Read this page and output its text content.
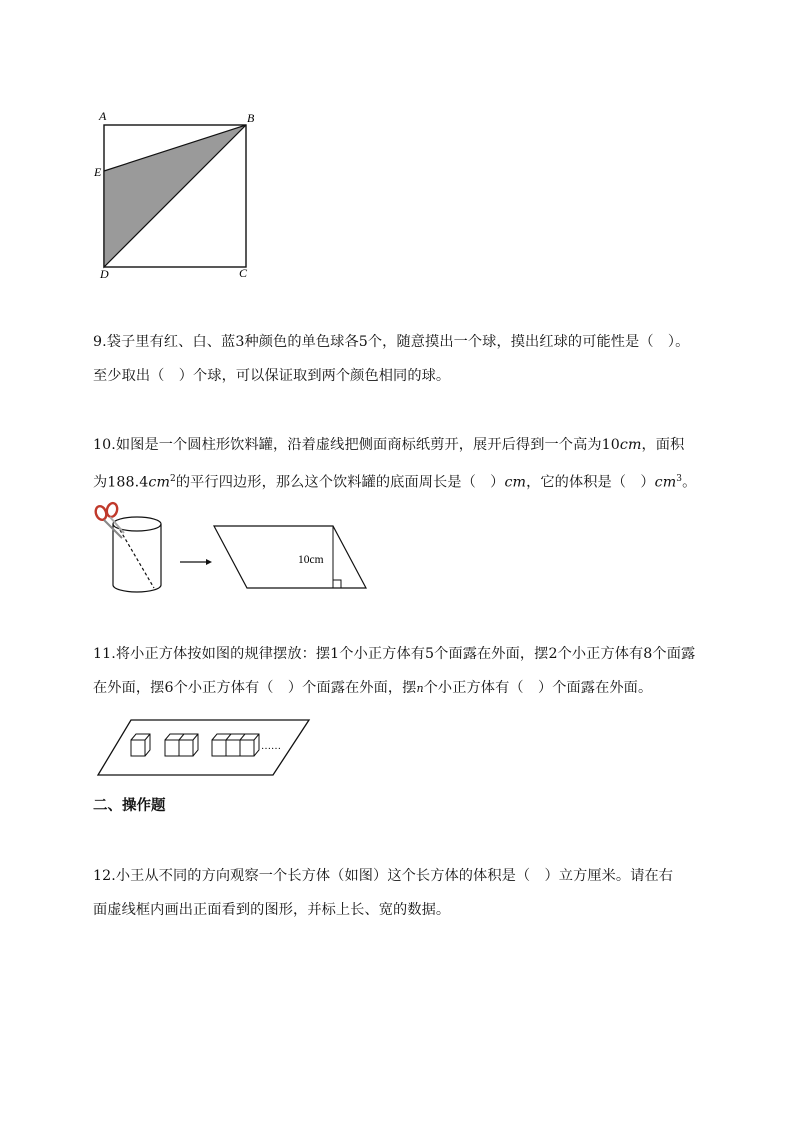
A	B
C
D
E
9.袋子里有红、白、蓝3种颜色的单色球各5个，随意摸出一个球，摸出红球的可能性是（　）。
至少取出（　）个球，可以保证取到两个颜色相同的球。
10.如图是一个圆柱形饮料罐，沿着虚线把侧面商标纸剪开，展开后得到一个高为10cm，面积
为$188.4cm^2$的平行四边形，那么这个饮料罐的底面周长是（　）cm，它的体积是（　）$cm^3$。
10cm
11.将小正方体按如图的规律摆放：摆1个小正方体有5个面露在外面，摆2个小正方体有8个面露
在外面，摆6个小正方体有（　）个面露在外面，摆n个小正方体有（　）个面露在外面。
……
二、操作题
12.小王从不同的方向观察一个长方体（如图）这个长方体的体积是（　）立方厘米。请在右
面虚线框内画出正面看到的图形，并标上长、宽的数据。
